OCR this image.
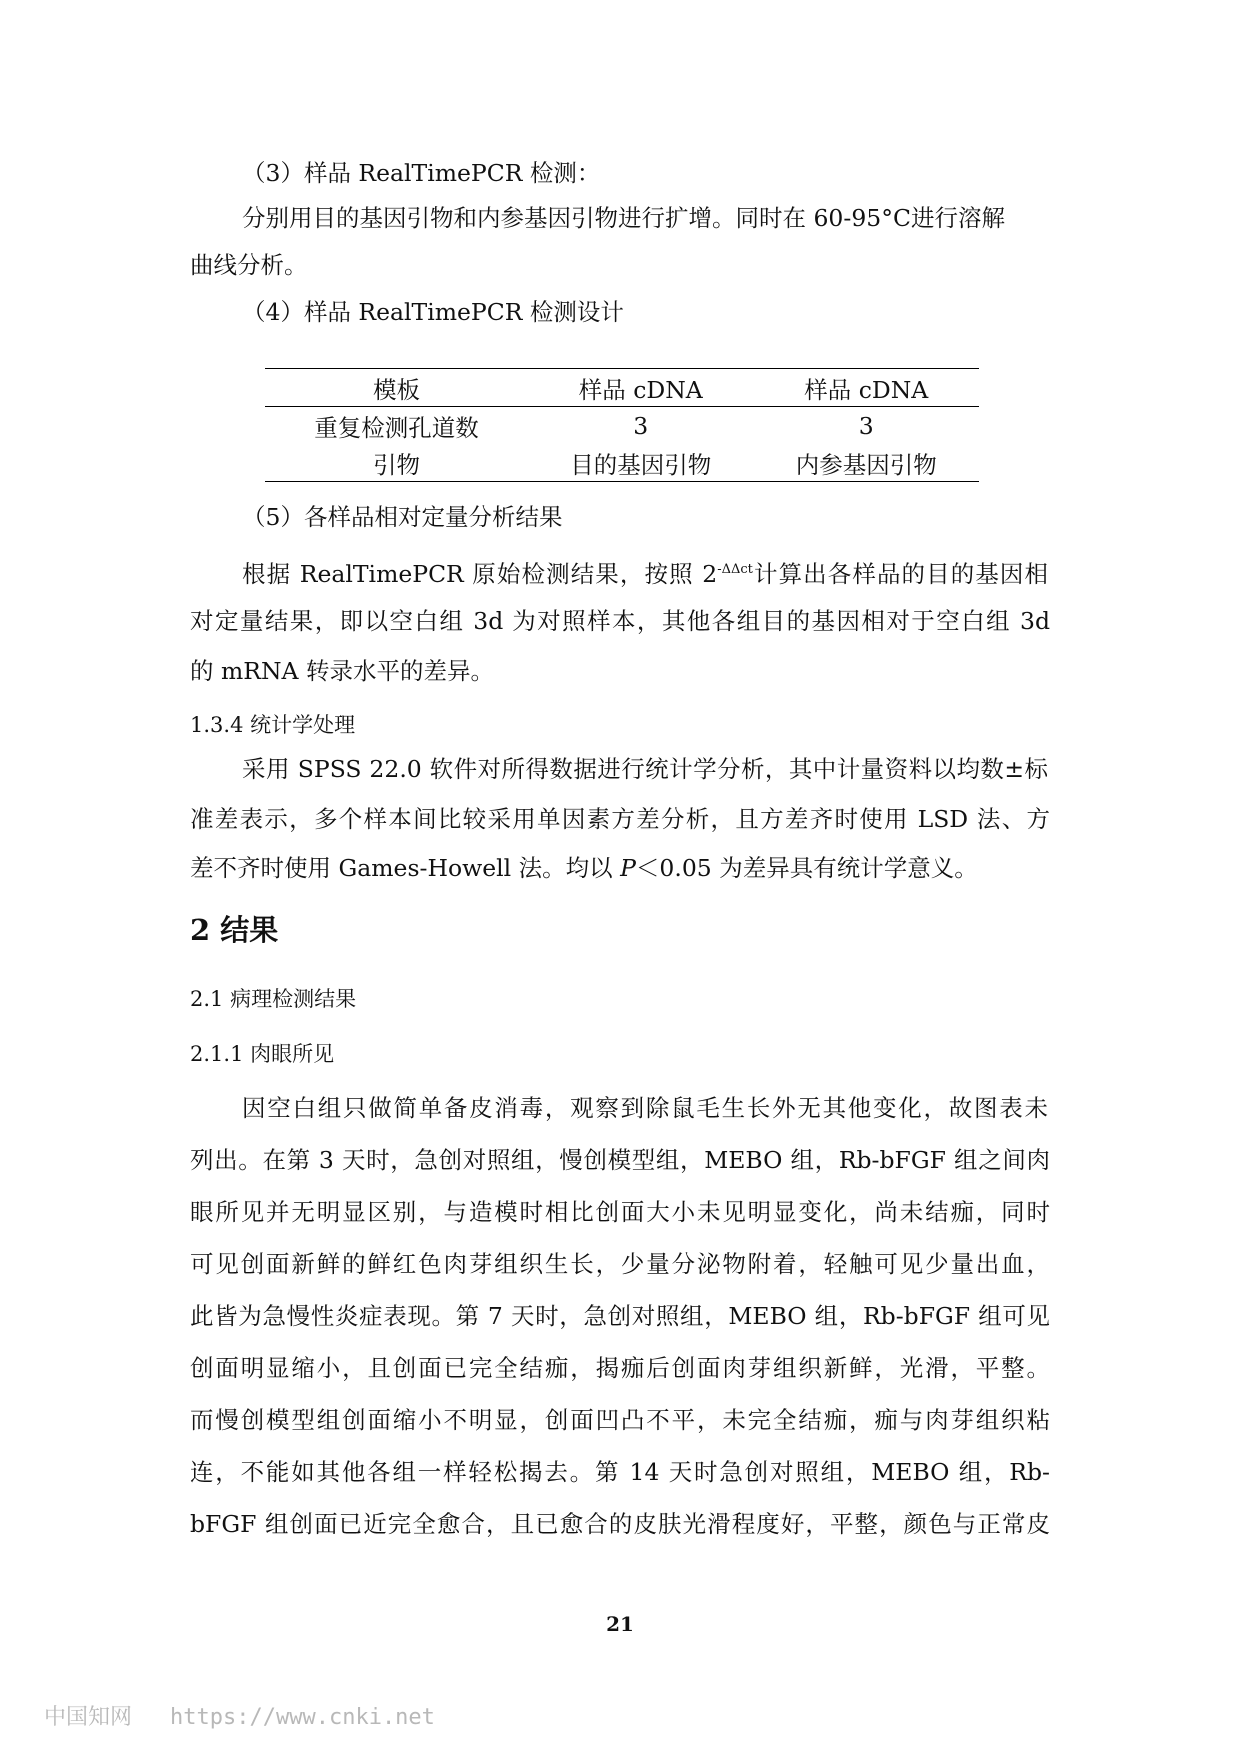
（3）样品 RealTimePCR 检测：
分别用目的基因引物和内参基因引物进行扩增。同时在 60-95°C进行溶解
曲线分析。
（4）样品 RealTimePCR 检测设计
模板	样品 cDNA	样品 cDNA
重复检测孔道数	3	3
引物	目的基因引物	内参基因引物
（5）各样品相对定量分析结果
根据 RealTimePCR 原始检测结果，按照 $2^{-\Delta\Delta ct}$计算出各样品的目的基因相
对定量结果，即以空白组 3d 为对照样本，其他各组目的基因相对于空白组 3d
的 mRNA 转录水平的差异。
1.3.4 统计学处理
采用 SPSS 22.0 软件对所得数据进行统计学分析，其中计量资料以均数±标
准差表示，多个样本间比较采用单因素方差分析，且方差齐时使用 LSD 法、方
差不齐时使用 Games-Howell 法。均以 P＜0.05 为差异具有统计学意义。
2 结果
2.1 病理检测结果
2.1.1 肉眼所见
因空白组只做简单备皮消毒，观察到除鼠毛生长外无其他变化，故图表未
列出。在第 3 天时，急创对照组，慢创模型组，MEBO 组，Rb-bFGF 组之间肉
眼所见并无明显区别，与造模时相比创面大小未见明显变化，尚未结痂，同时
可见创面新鲜的鲜红色肉芽组织生长，少量分泌物附着，轻触可见少量出血，
此皆为急慢性炎症表现。第 7 天时，急创对照组，MEBO 组，Rb-bFGF 组可见
创面明显缩小，且创面已完全结痂，揭痂后创面肉芽组织新鲜，光滑，平整。
而慢创模型组创面缩小不明显，创面凹凸不平，未完全结痂，痂与肉芽组织粘
连，不能如其他各组一样轻松揭去。第 14 天时急创对照组，MEBO 组，Rb-
bFGF 组创面已近完全愈合，且已愈合的皮肤光滑程度好，平整，颜色与正常皮
21
中国知网 https://www.cnki.net
